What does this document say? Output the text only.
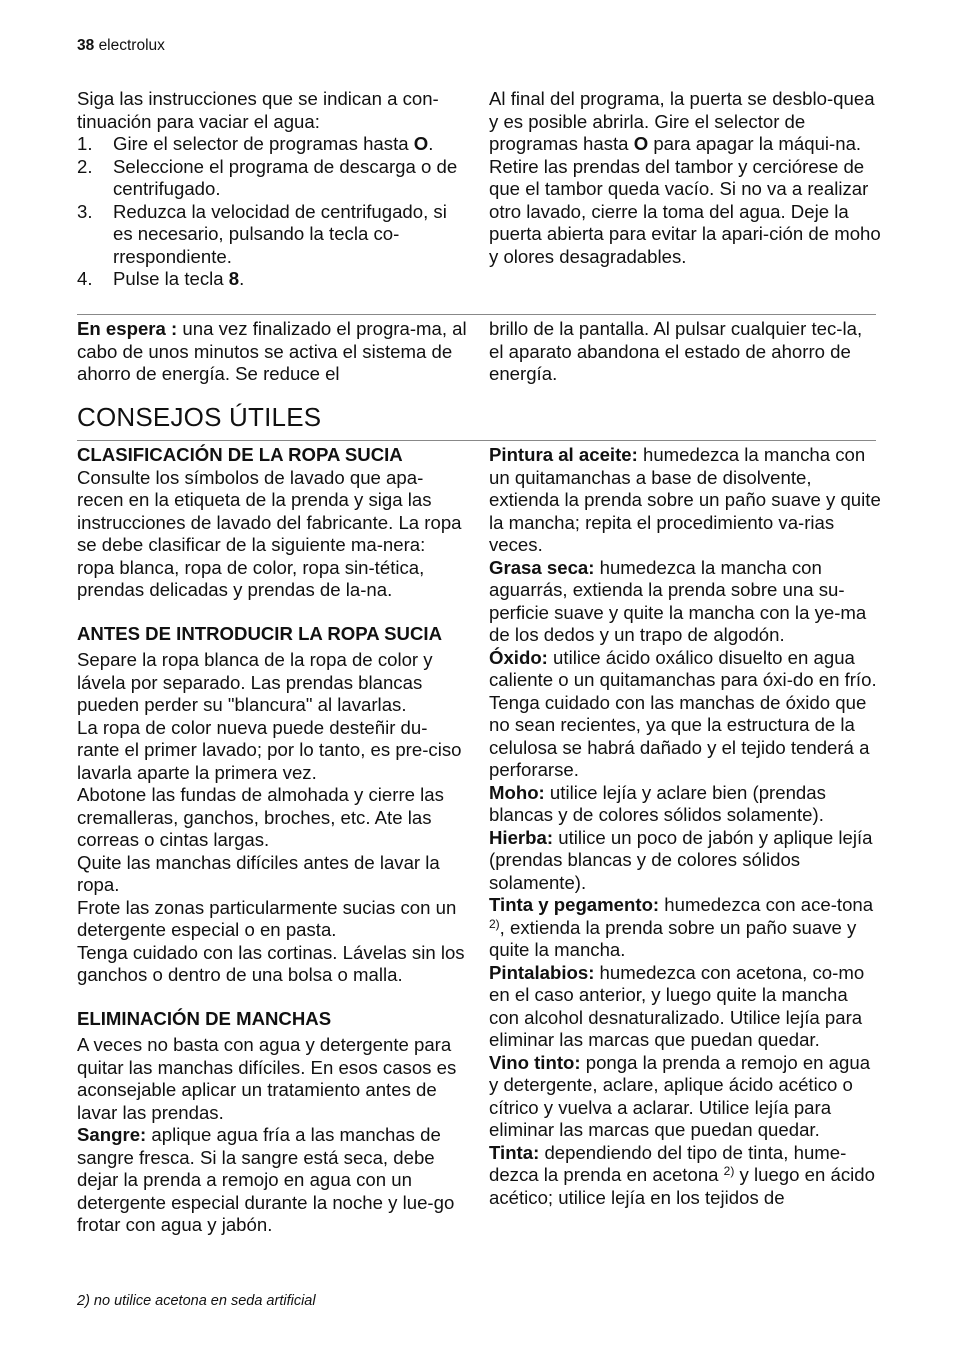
38 electrolux

Siga las instrucciones que se indican a con-tinuación para vaciar el agua:

1. Gire el selector de programas hasta O.
2. Seleccione el programa de descarga o de centrifugado.
3. Reduzca la velocidad de centrifugado, si es necesario, pulsando la tecla co-rrespondiente.
4. Pulse la tecla 8.

Al final del programa, la puerta se desblo-quea y es posible abrirla. Gire el selector de programas hasta O para apagar la máqui-na.

Retire las prendas del tambor y cerciórese de que el tambor queda vacío. Si no va a realizar otro lavado, cierre la toma del agua. Deje la puerta abierta para evitar la apari-ción de moho y olores desagradables.

En espera : una vez finalizado el progra-ma, al cabo de unos minutos se activa el sistema de ahorro de energía. Se reduce el

brillo de la pantalla. Al pulsar cualquier tec-la, el aparato abandona el estado de ahorro de energía.

CONSEJOS ÚTILES

CLASIFICACIÓN DE LA ROPA SUCIA

Consulte los símbolos de lavado que apa-recen en la etiqueta de la prenda y siga las instrucciones de lavado del fabricante. La ropa se debe clasificar de la siguiente ma-nera: ropa blanca, ropa de color, ropa sin-tética, prendas delicadas y prendas de la-na.

ANTES DE INTRODUCIR LA ROPA SUCIA

Separe la ropa blanca de la ropa de color y lávela por separado. Las prendas blancas pueden perder su "blancura" al lavarlas.

La ropa de color nueva puede desteñir du-rante el primer lavado; por lo tanto, es pre-ciso lavarla aparte la primera vez.

Abotone las fundas de almohada y cierre las cremalleras, ganchos, broches, etc. Ate las correas o cintas largas.

Quite las manchas difíciles antes de lavar la ropa.

Frote las zonas particularmente sucias con un detergente especial o en pasta.

Tenga cuidado con las cortinas. Lávelas sin los ganchos o dentro de una bolsa o malla.

ELIMINACIÓN DE MANCHAS

A veces no basta con agua y detergente para quitar las manchas difíciles. En esos casos es aconsejable aplicar un tratamiento antes de lavar las prendas.

Sangre: aplique agua fría a las manchas de sangre fresca. Si la sangre está seca, debe dejar la prenda a remojo en agua con un detergente especial durante la noche y lue-go frotar con agua y jabón.

Pintura al aceite: humedezca la mancha con un quitamanchas a base de disolvente, extienda la prenda sobre un paño suave y quite la mancha; repita el procedimiento va-rias veces.

Grasa seca: humedezca la mancha con aguarrás, extienda la prenda sobre una su-perficie suave y quite la mancha con la ye-ma de los dedos y un trapo de algodón.

Óxido: utilice ácido oxálico disuelto en agua caliente o un quitamanchas para óxi-do en frío. Tenga cuidado con las manchas de óxido que no sean recientes, ya que la estructura de la celulosa se habrá dañado y el tejido tenderá a perforarse.

Moho: utilice lejía y aclare bien (prendas blancas y de colores sólidos solamente).

Hierba: utilice un poco de jabón y aplique lejía (prendas blancas y de colores sólidos solamente).

Tinta y pegamento: humedezca con ace-tona $^{2)}$, extienda la prenda sobre un paño suave y quite la mancha.

Pintalabios: humedezca con acetona, co-mo en el caso anterior, y luego quite la mancha con alcohol desnaturalizado. Utilice lejía para eliminar las marcas que puedan quedar.

Vino tinto: ponga la prenda a remojo en agua y detergente, aclare, aplique ácido acético o cítrico y vuelva a aclarar. Utilice lejía para eliminar las marcas que puedan quedar.

Tinta: dependiendo del tipo de tinta, hume-dezca la prenda en acetona $^{2)}$ y luego en ácido acético; utilice lejía en los tejidos de

2) no utilice acetona en seda artificial
